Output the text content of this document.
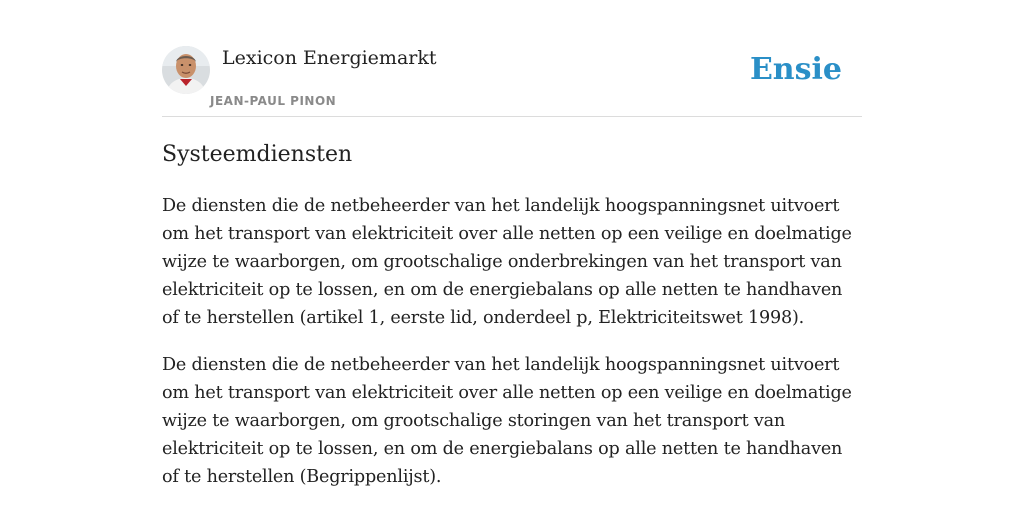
Lexicon Energiemarkt
JEAN-PAUL PINON
Ensie
Systeemdiensten

De diensten die de netbeheerder van het landelijk hoogspanningsnet uitvoert om het transport van elektriciteit over alle netten op een veilige en doelmatige wijze te waarborgen, om grootschalige onderbrekingen van het transport van elektriciteit op te lossen, en om de energiebalans op alle netten te handhaven of te herstellen (artikel 1, eerste lid, onderdeel p, Elektriciteitswet 1998).

De diensten die de netbeheerder van het landelijk hoogspanningsnet uitvoert om het transport van elektriciteit over alle netten op een veilige en doelmatige wijze te waarborgen, om grootschalige storingen van het transport van elektriciteit op te lossen, en om de energiebalans op alle netten te handhaven of te herstellen (Begrippenlijst).
